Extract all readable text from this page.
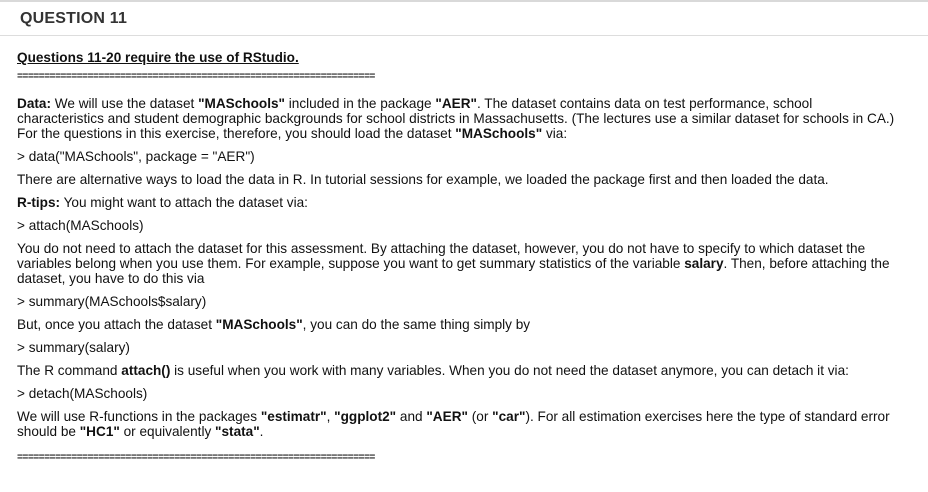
QUESTION 11

Questions 11-20 require the use of RStudio.

==================================================================

Data: We will use the dataset "MASchools" included in the package "AER". The dataset contains data on test performance, school characteristics and student demographic backgrounds for school districts in Massachusetts. (The lectures use a similar dataset for schools in CA.) For the questions in this exercise, therefore, you should load the dataset "MASchools" via:

> data("MASchools", package = "AER")

There are alternative ways to load the data in R. In tutorial sessions for example, we loaded the package first and then loaded the data.

R-tips: You might want to attach the dataset via:

> attach(MASchools)

You do not need to attach the dataset for this assessment. By attaching the dataset, however, you do not have to specify to which dataset the variables belong when you use them. For example, suppose you want to get summary statistics of the variable salary. Then, before attaching the dataset, you have to do this via

> summary(MASchools$salary)

But, once you attach the dataset "MASchools", you can do the same thing simply by

> summary(salary)

The R command attach() is useful when you work with many variables. When you do not need the dataset anymore, you can detach it via:

> detach(MASchools)

We will use R-functions in the packages "estimatr", "ggplot2" and "AER" (or "car"). For all estimation exercises here the type of standard error should be "HC1" or equivalently "stata".

==================================================================
